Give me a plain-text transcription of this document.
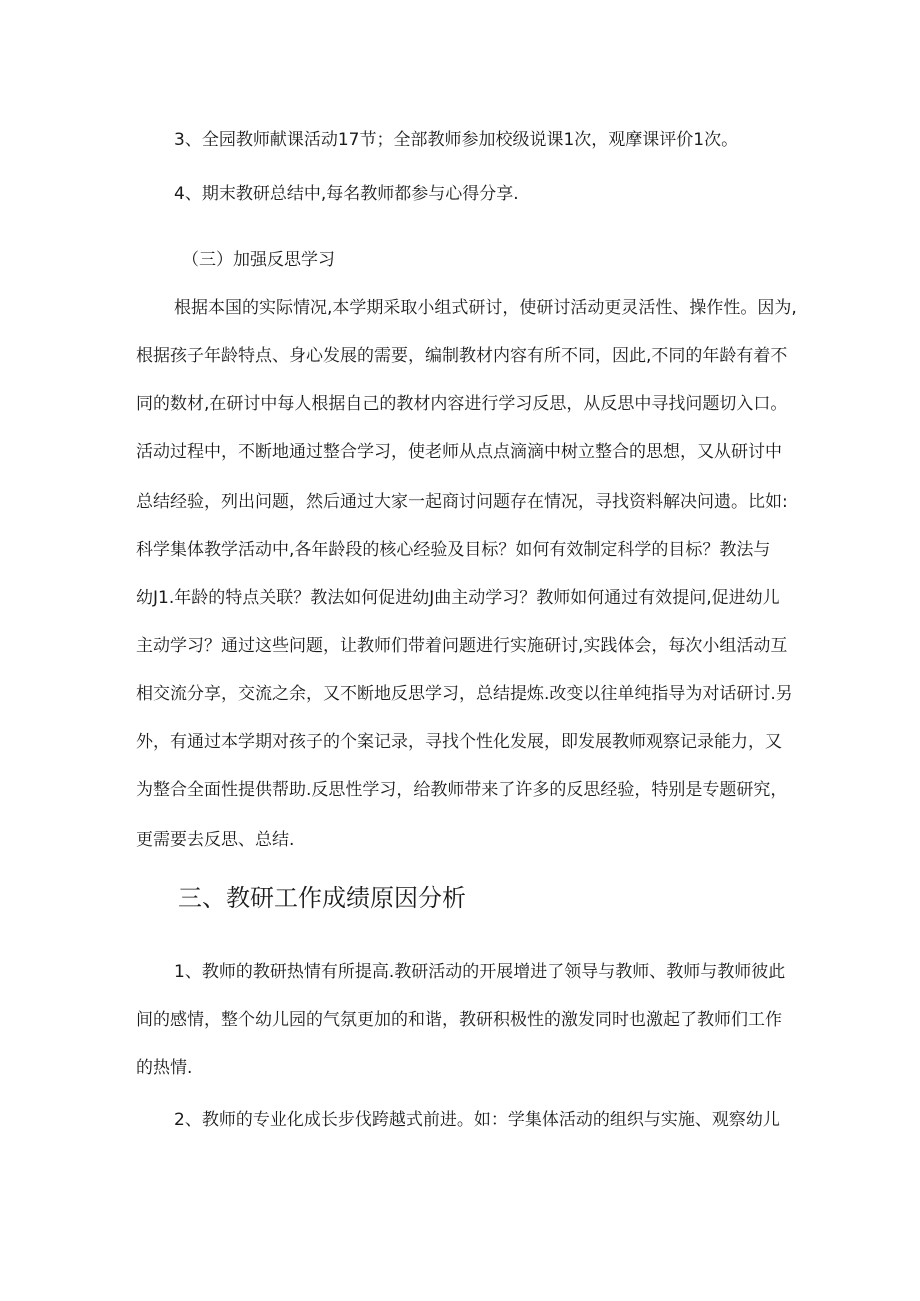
3、全园教师献课活动17节；全部教师参加校级说课1次，观摩课评价1次。

4、期末教研总结中,每名教师都参与心得分享.

（三）加强反思学习

根据本国的实际情况,本学期采取小组式研讨，使研讨活动更灵活性、操作性。因为,

根据孩子年龄特点、身心发展的需要，编制教材内容有所不同，因此,不同的年龄有着不

同的数材,在研讨中每人根据自己的教材内容进行学习反思，从反思中寻找问题切入口。

活动过程中，不断地通过整合学习，使老师从点点滴滴中树立整合的思想，又从研讨中

总结经验，列出问题，然后通过大家一起商讨问题存在情况，寻找资料解决问遗。比如:

科学集体教学活动中,各年龄段的核心经验及目标？如何有效制定科学的目标？教法与

幼J1.年龄的特点关联？教法如何促进幼J曲主动学习？教师如何通过有效提问,促进幼儿

主动学习？通过这些问题，让教师们带着问题进行实施研讨,实践体会，每次小组活动互

相交流分享，交流之余，又不断地反思学习，总结提炼.改变以往单纯指导为对话研讨.另

外，有通过本学期对孩子的个案记录，寻找个性化发展，即发展教师观察记录能力，又

为整合全面性提供帮助.反思性学习，给教师带来了许多的反思经验，特别是专题研究，

更需要去反思、总结.

三、教研工作成绩原因分析

1、教师的教研热情有所提高.教研活动的开展增进了领导与教师、教师与教师彼此

间的感情，整个幼儿园的气氛更加的和谐，教研积极性的激发同时也激起了教师们工作

的热情.

2、教师的专业化成长步伐跨越式前进。如：学集体活动的组织与实施、观察幼儿
